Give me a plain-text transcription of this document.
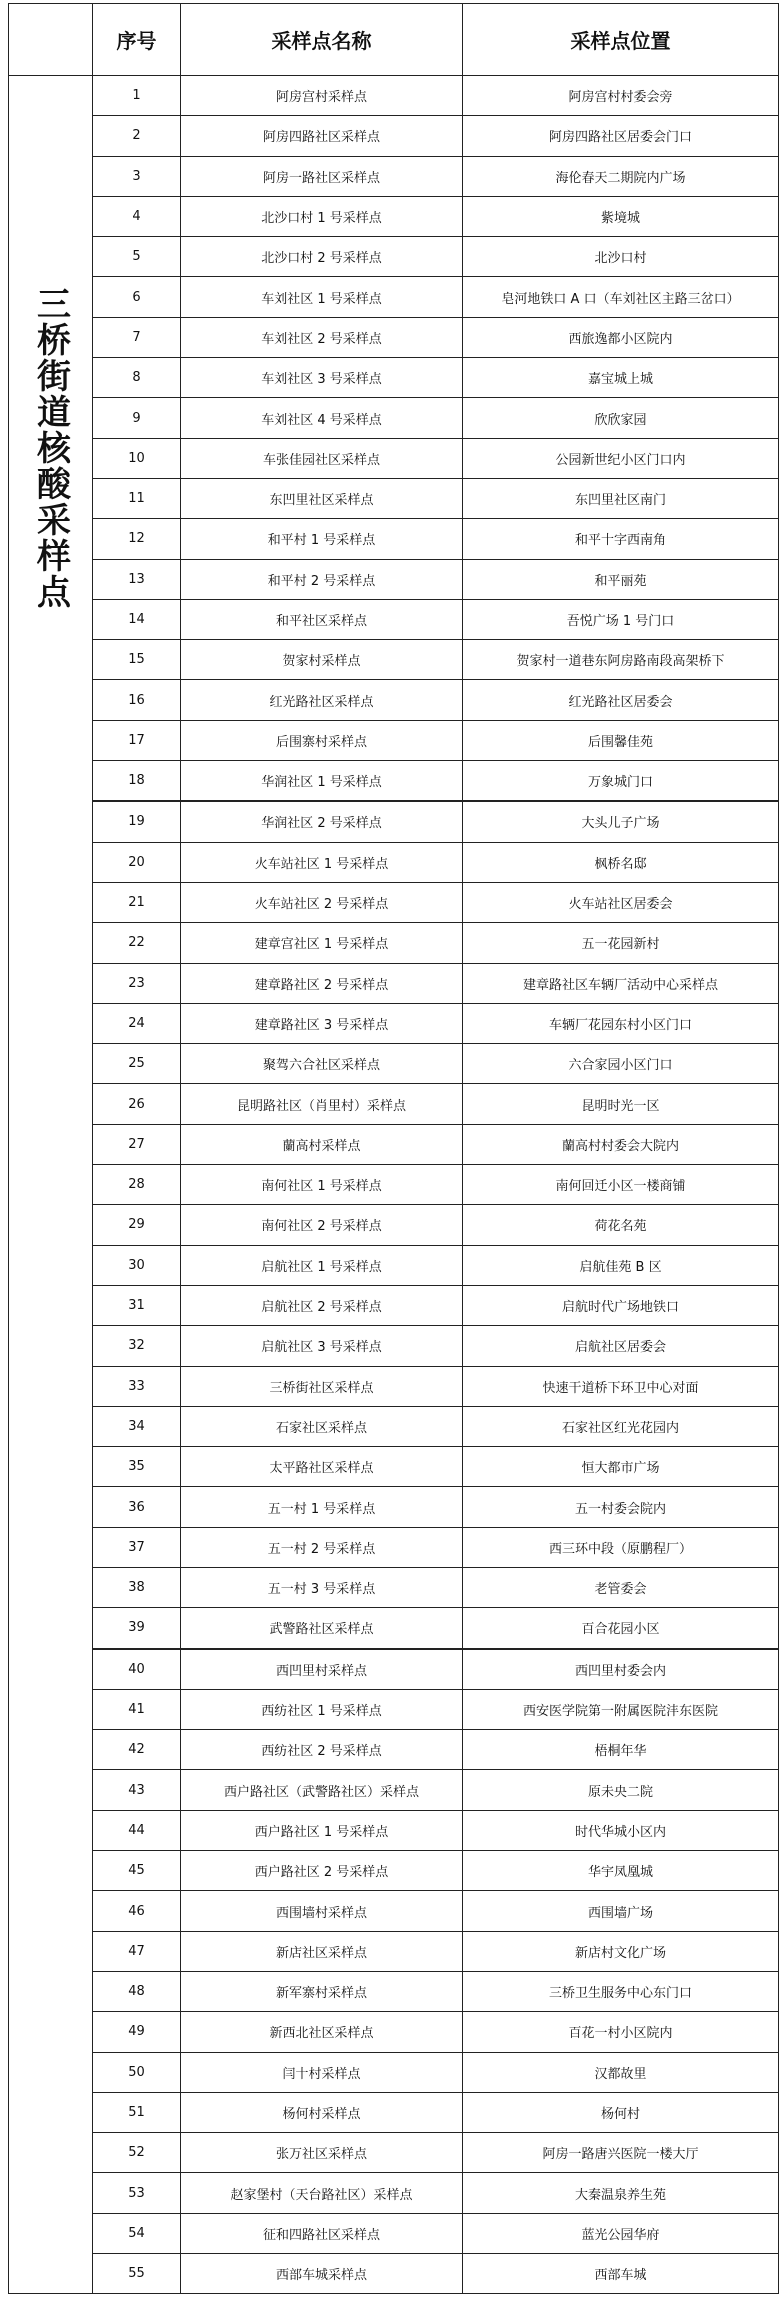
	序号	采样点名称	采样点位置
三桥街道核酸采样点	1	阿房宫村采样点	阿房宫村村委会旁
	2	阿房四路社区采样点	阿房四路社区居委会门口
	3	阿房一路社区采样点	海伦春天二期院内广场
	4	北沙口村 1 号采样点	紫境城
	5	北沙口村 2 号采样点	北沙口村
	6	车刘社区 1 号采样点	皂河地铁口 A 口（车刘社区主路三岔口）
	7	车刘社区 2 号采样点	西旅逸都小区院内
	8	车刘社区 3 号采样点	嘉宝城上城
	9	车刘社区 4 号采样点	欣欣家园
	10	车张佳园社区采样点	公园新世纪小区门口内
	11	东凹里社区采样点	东凹里社区南门
	12	和平村 1 号采样点	和平十字西南角
	13	和平村 2 号采样点	和平丽苑
	14	和平社区采样点	吾悦广场 1 号门口
	15	贺家村采样点	贺家村一道巷东阿房路南段高架桥下
	16	红光路社区采样点	红光路社区居委会
	17	后围寨村采样点	后围馨佳苑
	18	华润社区 1 号采样点	万象城门口
	19	华润社区 2 号采样点	大头儿子广场
	20	火车站社区 1 号采样点	枫桥名邸
	21	火车站社区 2 号采样点	火车站社区居委会
	22	建章宫社区 1 号采样点	五一花园新村
	23	建章路社区 2 号采样点	建章路社区车辆厂活动中心采样点
	24	建章路社区 3 号采样点	车辆厂花园东村小区门口
	25	聚驾六合社区采样点	六合家园小区门口
	26	昆明路社区（肖里村）采样点	昆明时光一区
	27	蘭高村采样点	蘭高村村委会大院内
	28	南何社区 1 号采样点	南何回迁小区一楼商铺
	29	南何社区 2 号采样点	荷花名苑
	30	启航社区 1 号采样点	启航佳苑 B 区
	31	启航社区 2 号采样点	启航时代广场地铁口
	32	启航社区 3 号采样点	启航社区居委会
	33	三桥街社区采样点	快速干道桥下环卫中心对面
	34	石家社区采样点	石家社区红光花园内
	35	太平路社区采样点	恒大都市广场
	36	五一村 1 号采样点	五一村委会院内
	37	五一村 2 号采样点	西三环中段（原鹏程厂）
	38	五一村 3 号采样点	老管委会
	39	武警路社区采样点	百合花园小区
	40	西凹里村采样点	西凹里村委会内
	41	西纺社区 1 号采样点	西安医学院第一附属医院沣东医院
	42	西纺社区 2 号采样点	梧桐年华
	43	西户路社区（武警路社区）采样点	原未央二院
	44	西户路社区 1 号采样点	时代华城小区内
	45	西户路社区 2 号采样点	华宇凤凰城
	46	西围墙村采样点	西围墙广场
	47	新店社区采样点	新店村文化广场
	48	新军寨村采样点	三桥卫生服务中心东门口
	49	新西北社区采样点	百花一村小区院内
	50	闫十村采样点	汉都故里
	51	杨何村采样点	杨何村
	52	张万社区采样点	阿房一路唐兴医院一楼大厅
	53	赵家堡村（天台路社区）采样点	大秦温泉养生苑
	54	征和四路社区采样点	蓝光公园华府
	55	西部车城采样点	西部车城
